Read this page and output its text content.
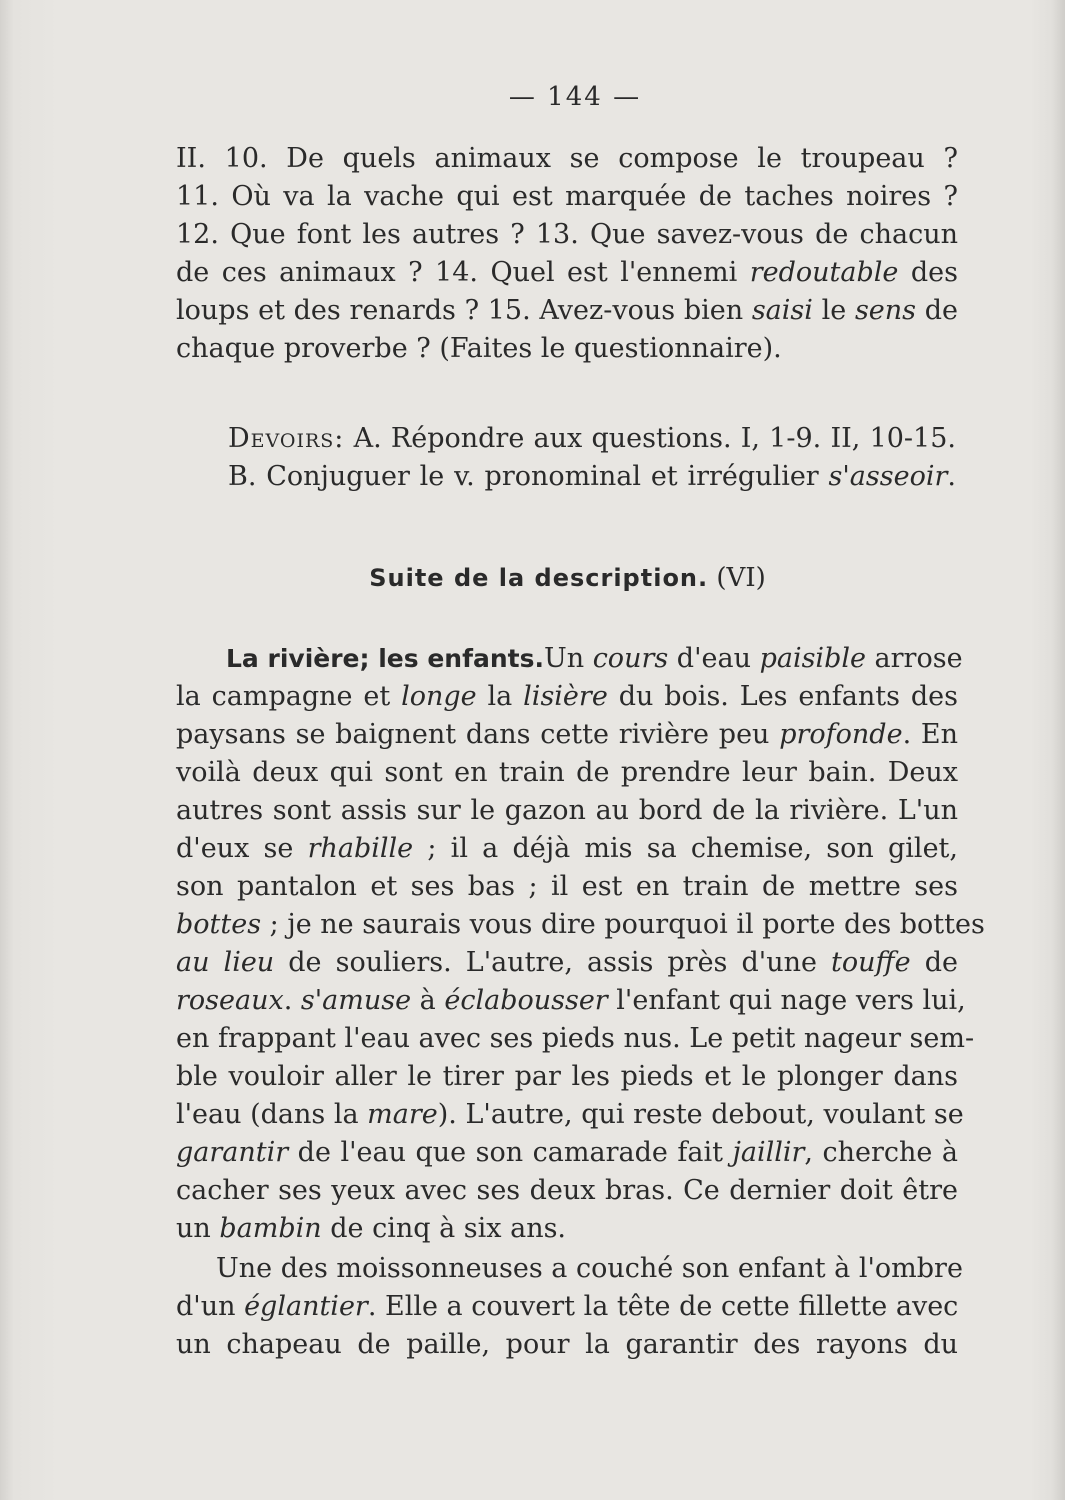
— 144 —
II. 10. De quels animaux se compose le troupeau ?
11. Où va la vache qui est marquée de taches noires ?
12. Que font les autres ? 13. Que savez-vous de chacun
de ces animaux ? 14. Quel est l'ennemi redoutable des
loups et des renards ? 15. Avez-vous bien saisi le sens de
chaque proverbe ? (Faites le questionnaire).
Devoirs: A. Répondre aux questions. I, 1-9. II, 10-15.
B. Conjuguer le v. pronominal et irrégulier s'asseoir.
Suite de la description. (VI)
La rivière; les enfants.Un cours d'eau paisible arrose
la campagne et longe la lisière du bois. Les enfants des
paysans se baignent dans cette rivière peu profonde. En
voilà deux qui sont en train de prendre leur bain. Deux
autres sont assis sur le gazon au bord de la rivière. L'un
d'eux se rhabille ; il a déjà mis sa chemise, son gilet,
son pantalon et ses bas ; il est en train de mettre ses
bottes ; je ne saurais vous dire pourquoi il porte des bottes
au lieu de souliers. L'autre, assis près d'une touffe de
roseaux. s'amuse à éclabousser l'enfant qui nage vers lui,
en frappant l'eau avec ses pieds nus. Le petit nageur sem-
ble vouloir aller le tirer par les pieds et le plonger dans
l'eau (dans la mare). L'autre, qui reste debout, voulant se
garantir de l'eau que son camarade fait jaillir, cherche à
cacher ses yeux avec ses deux bras. Ce dernier doit être
un bambin de cinq à six ans.
Une des moissonneuses a couché son enfant à l'ombre
d'un églantier. Elle a couvert la tête de cette fillette avec
un chapeau de paille, pour la garantir des rayons du
